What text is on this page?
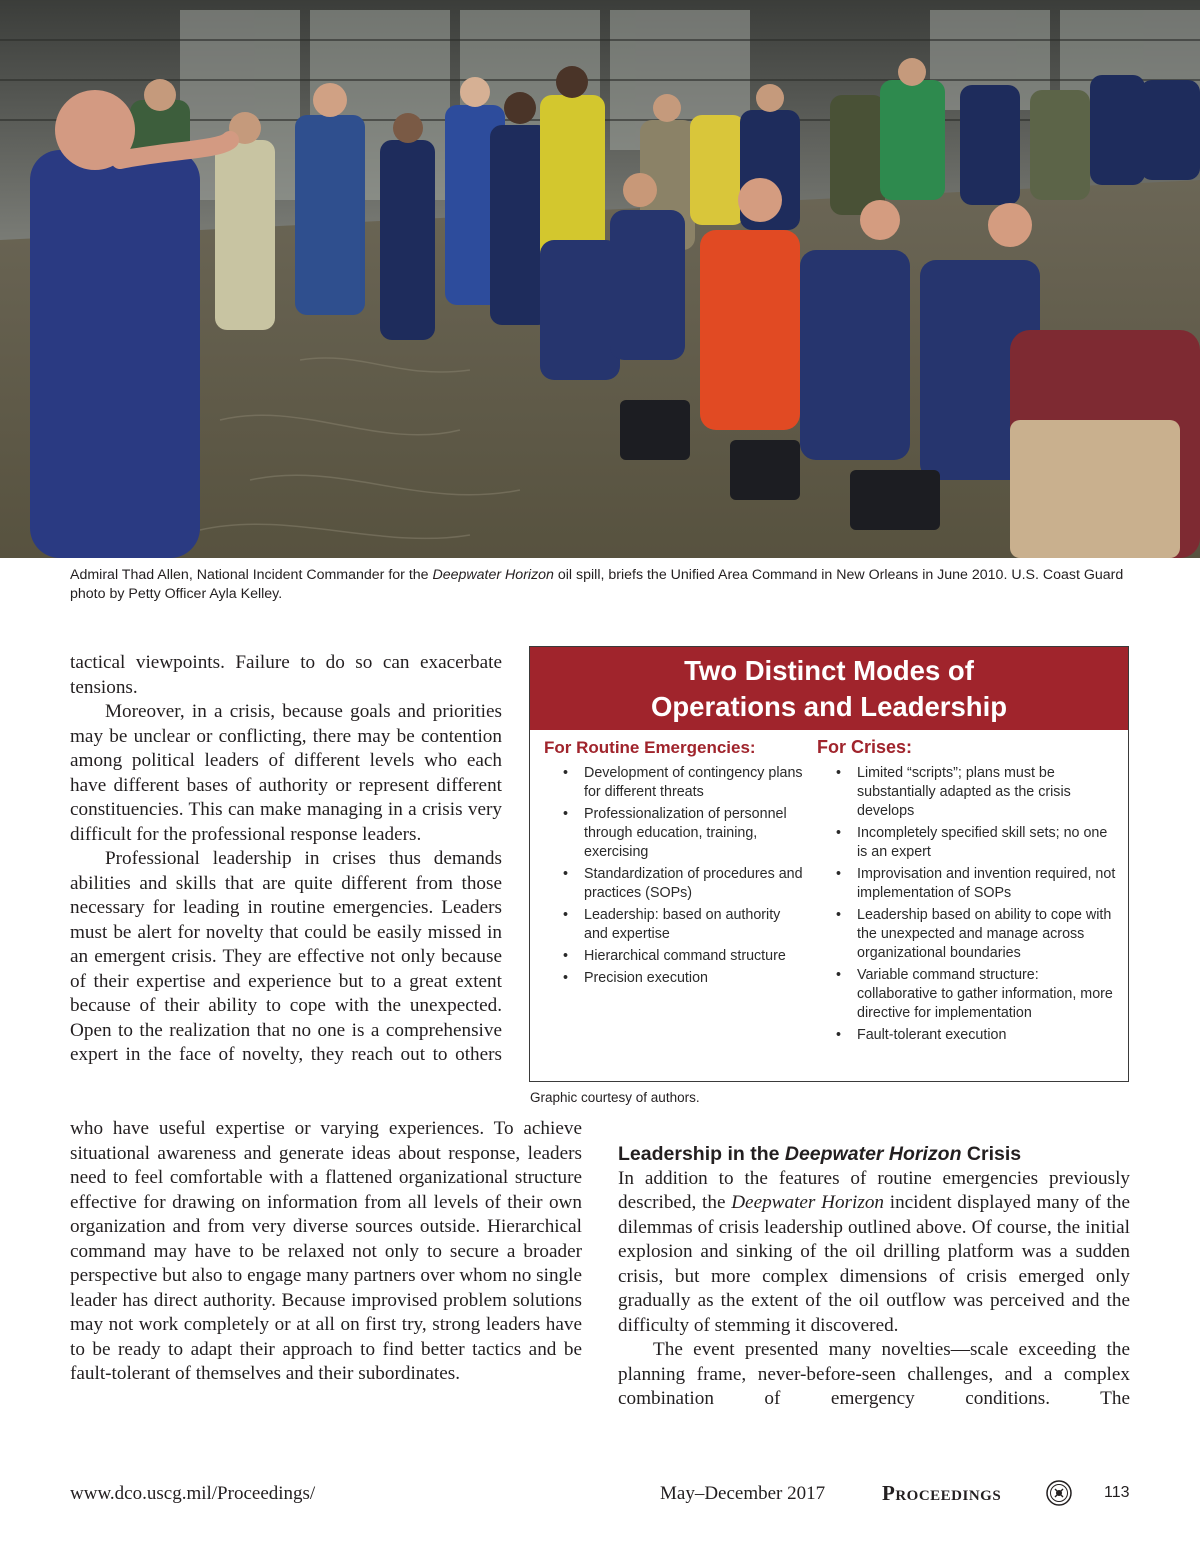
Admiral Thad Allen, National Incident Commander for the Deepwater Horizon oil spill, briefs the Unified Area Command in New Orleans in June 2010. U.S. Coast Guard photo by Petty Officer Ayla Kelley.

tactical viewpoints. Failure to do so can exacerbate tensions.

Moreover, in a crisis, because goals and priorities may be unclear or conflicting, there may be contention among political leaders of different levels who each have different bases of authority or represent different constituencies. This can make managing in a crisis very difficult for the professional response leaders.

Professional leadership in crises thus demands abilities and skills that are quite different from those necessary for leading in routine emergencies. Leaders must be alert for novelty that could be easily missed in an emergent crisis. They are effective not only because of their expertise and experience but to a great extent because of their ability to cope with the unexpected. Open to the realization that no one is a comprehensive expert in the face of novelty, they reach out to others

Two Distinct Modes of
Operations and Leadership
For Routine Emergencies:
• Development of contingency plans for different threats
• Professionalization of personnel through education, training, exercising
• Standardization of procedures and practices (SOPs)
• Leadership: based on authority and expertise
• Hierarchical command structure
• Precision execution
For Crises:
• Limited “scripts”; plans must be substantially adapted as the crisis develops
• Incompletely specified skill sets; no one is an expert
• Improvisation and invention required, not implementation of SOPs
• Leadership based on ability to cope with the unexpected and manage across organizational boundaries
• Variable command structure: collaborative to gather information, more directive for implementation
• Fault-tolerant execution
Graphic courtesy of authors.

who have useful expertise or varying experiences. To achieve situational awareness and generate ideas about response, leaders need to feel comfortable with a flattened organizational structure effective for drawing on information from all levels of their own organization and from very diverse sources outside. Hierarchical command may have to be relaxed not only to secure a broader perspective but also to engage many partners over whom no single leader has direct authority. Because improvised problem solutions may not work completely or at all on first try, strong leaders have to be ready to adapt their approach to find better tactics and be fault-tolerant of themselves and their subordinates.

Leadership in the Deepwater Horizon Crisis

In addition to the features of routine emergencies previously described, the Deepwater Horizon incident displayed many of the dilemmas of crisis leadership outlined above. Of course, the initial explosion and sinking of the oil drilling platform was a sudden crisis, but more complex dimensions of crisis emerged only gradually as the extent of the oil outflow was perceived and the difficulty of stemming it discovered.

The event presented many novelties—scale exceeding the planning frame, never-before-seen challenges, and a complex combination of emergency conditions. The

www.dco.uscg.mil/Proceedings/	May–December 2017	Proceedings	113
